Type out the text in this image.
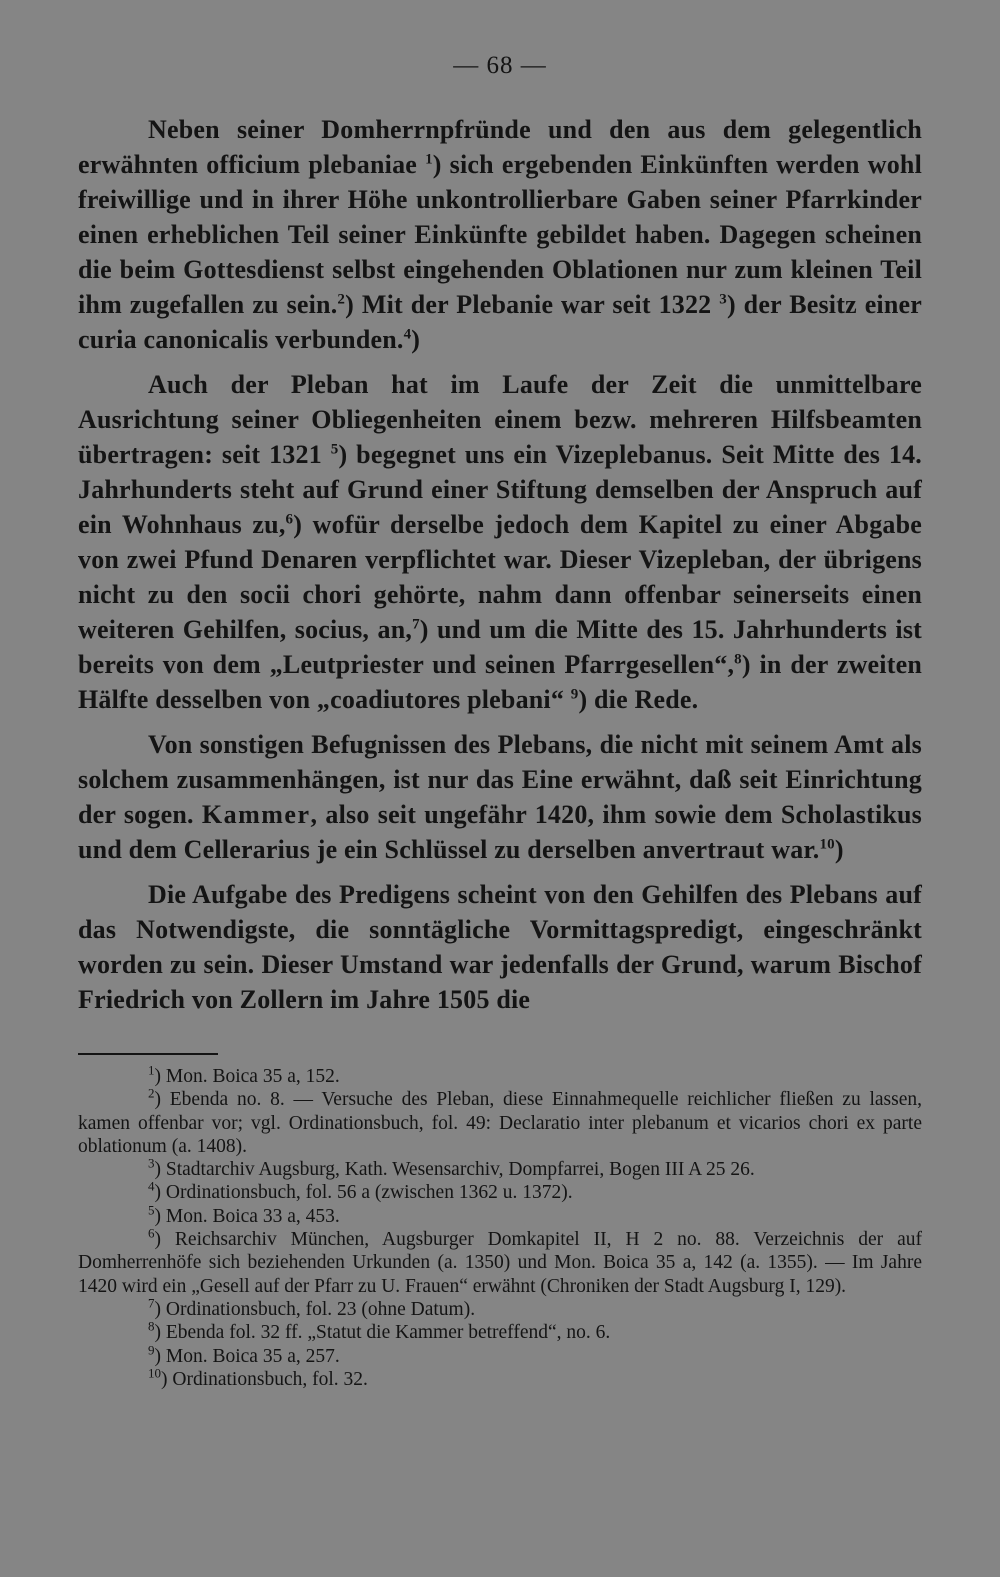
— 68 —

Neben seiner Domherrnpfründe und den aus dem gelegentlich erwähnten officium plebaniae $^1$) sich ergebenden Einkünften werden wohl freiwillige und in ihrer Höhe unkontrollierbare Gaben seiner Pfarrkinder einen erheblichen Teil seiner Einkünfte gebildet haben. Dagegen scheinen die beim Gottesdienst selbst eingehenden Oblationen nur zum kleinen Teil ihm zugefallen zu sein.$^2$) Mit der Plebanie war seit 1322 $^3$) der Besitz einer curia canonicalis verbunden.$^4$)

Auch der Pleban hat im Laufe der Zeit die unmittelbare Ausrichtung seiner Obliegenheiten einem bezw. mehreren Hilfsbeamten übertragen: seit 1321 $^5$) begegnet uns ein Vizeplebanus. Seit Mitte des 14. Jahrhunderts steht auf Grund einer Stiftung demselben der Anspruch auf ein Wohnhaus zu,$^6$) wofür derselbe jedoch dem Kapitel zu einer Abgabe von zwei Pfund Denaren verpflichtet war. Dieser Vizepleban, der übrigens nicht zu den socii chori gehörte, nahm dann offenbar seinerseits einen weiteren Gehilfen, socius, an,$^7$) und um die Mitte des 15. Jahrhunderts ist bereits von dem „Leutpriester und seinen Pfarrgesellen“,$^8$) in der zweiten Hälfte desselben von „coadiutores plebani“ $^9$) die Rede.

Von sonstigen Befugnissen des Plebans, die nicht mit seinem Amt als solchem zusammenhängen, ist nur das Eine erwähnt, daß seit Einrichtung der sogen. Kammer, also seit ungefähr 1420, ihm sowie dem Scholastikus und dem Cellerarius je ein Schlüssel zu derselben anvertraut war.$^{10}$)

Die Aufgabe des Predigens scheint von den Gehilfen des Plebans auf das Notwendigste, die sonntägliche Vormittagspredigt, eingeschränkt worden zu sein. Dieser Umstand war jedenfalls der Grund, warum Bischof Friedrich von Zollern im Jahre 1505 die

$^1$) Mon. Boica 35 a, 152.

$^2$) Ebenda no. 8. — Versuche des Pleban, diese Einnahmequelle reichlicher fließen zu lassen, kamen offenbar vor; vgl. Ordinationsbuch, fol. 49: Declaratio inter plebanum et vicarios chori ex parte oblationum (a. 1408).

$^3$) Stadtarchiv Augsburg, Kath. Wesensarchiv, Dompfarrei, Bogen III A 25 26.

$^4$) Ordinationsbuch, fol. 56 a (zwischen 1362 u. 1372).

$^5$) Mon. Boica 33 a, 453.

$^6$) Reichsarchiv München, Augsburger Domkapitel II, H 2 no. 88. Verzeichnis der auf Domherrenhöfe sich beziehenden Urkunden (a. 1350) und Mon. Boica 35 a, 142 (a. 1355). — Im Jahre 1420 wird ein „Gesell auf der Pfarr zu U. Frauen“ erwähnt (Chroniken der Stadt Augsburg I, 129).

$^7$) Ordinationsbuch, fol. 23 (ohne Datum).

$^8$) Ebenda fol. 32 ff. „Statut die Kammer betreffend“, no. 6.

$^9$) Mon. Boica 35 a, 257.

$^{10}$) Ordinationsbuch, fol. 32.
